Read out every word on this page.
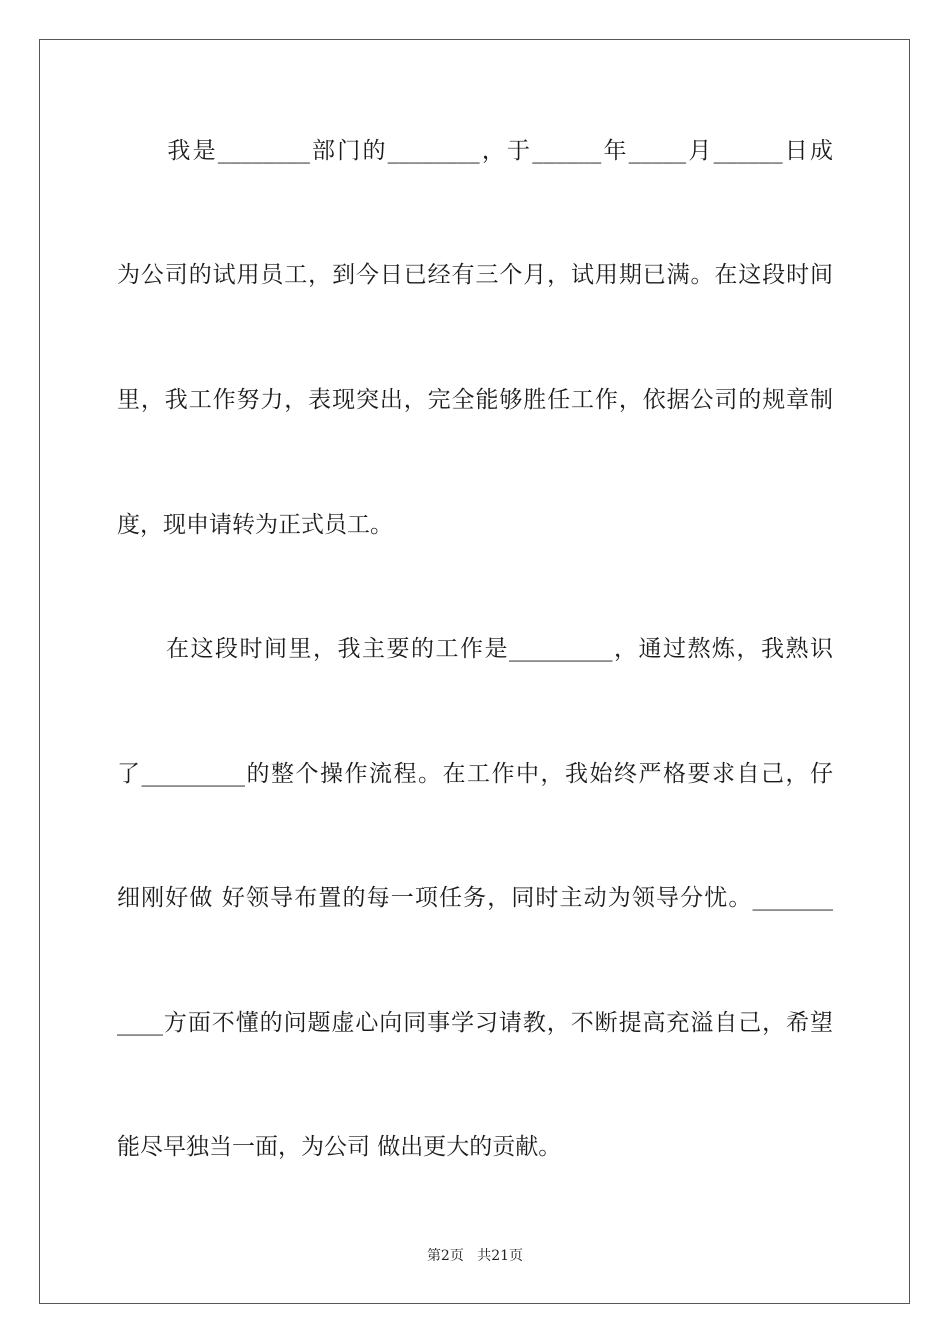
　　我是________部门的________，于______年_____月______日成
为公司的试用员工，到今日已经有三个月，试用期已满。在这段时间
里，我工作努力，表现突出，完全能够胜任工作，依据公司的规章制
度，现申请转为正式员工。
　　在这段时间里，我主要的工作是_________，通过熬炼，我熟识
了_________的整个操作流程。在工作中，我始终严格要求自己，仔
细刚好做 好领导布置的每一项任务，同时主动为领导分忧。_______
____方面不懂的问题虚心向同事学习请教，不断提高充溢自己，希望
能尽早独当一面，为公司 做出更大的贡献。
第2页 共21页
